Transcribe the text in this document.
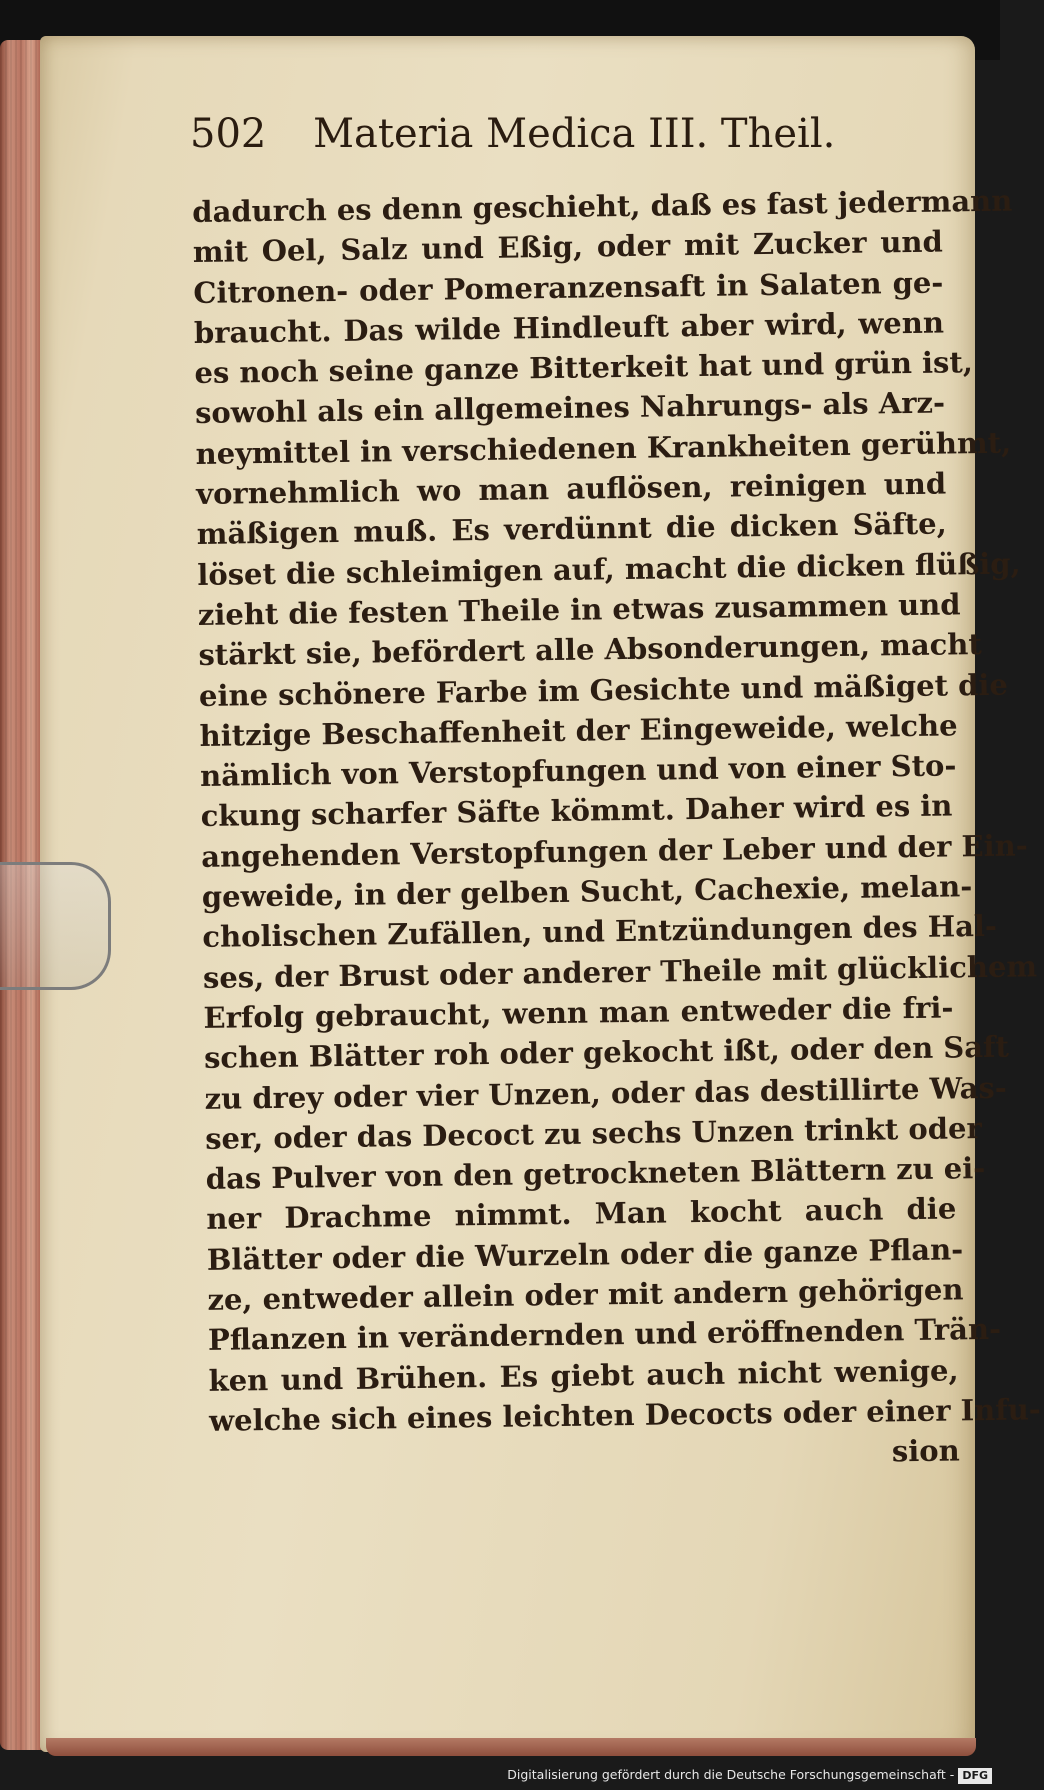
502 Materia Medica III. Theil.
dadurch es denn geschieht, daß es fast jedermann
mit Oel, Salz und Eßig, oder mit Zucker und
Citronen- oder Pomeranzensaft in Salaten ge-
braucht. Das wilde Hindleuft aber wird, wenn
es noch seine ganze Bitterkeit hat und grün ist,
sowohl als ein allgemeines Nahrungs- als Arz-
neymittel in verschiedenen Krankheiten gerühmt,
vornehmlich wo man auflösen, reinigen und
mäßigen muß. Es verdünnt die dicken Säfte,
löset die schleimigen auf, macht die dicken flüßig,
zieht die festen Theile in etwas zusammen und
stärkt sie, befördert alle Absonderungen, macht
eine schönere Farbe im Gesichte und mäßiget die
hitzige Beschaffenheit der Eingeweide, welche
nämlich von Verstopfungen und von einer Sto-
ckung scharfer Säfte kömmt. Daher wird es in
angehenden Verstopfungen der Leber und der Ein-
geweide, in der gelben Sucht, Cachexie, melan-
cholischen Zufällen, und Entzündungen des Hal-
ses, der Brust oder anderer Theile mit glücklichem
Erfolg gebraucht, wenn man entweder die fri-
schen Blätter roh oder gekocht ißt, oder den Saft
zu drey oder vier Unzen, oder das destillirte Was-
ser, oder das Decoct zu sechs Unzen trinkt oder
das Pulver von den getrockneten Blättern zu ei-
ner Drachme nimmt. Man kocht auch die
Blätter oder die Wurzeln oder die ganze Pflan-
ze, entweder allein oder mit andern gehörigen
Pflanzen in verändernden und eröffnenden Trän-
ken und Brühen. Es giebt auch nicht wenige,
welche sich eines leichten Decocts oder einer Infu-
sion
Digitalisierung gefördert durch die Deutsche Forschungsgemeinschaft - DFG
